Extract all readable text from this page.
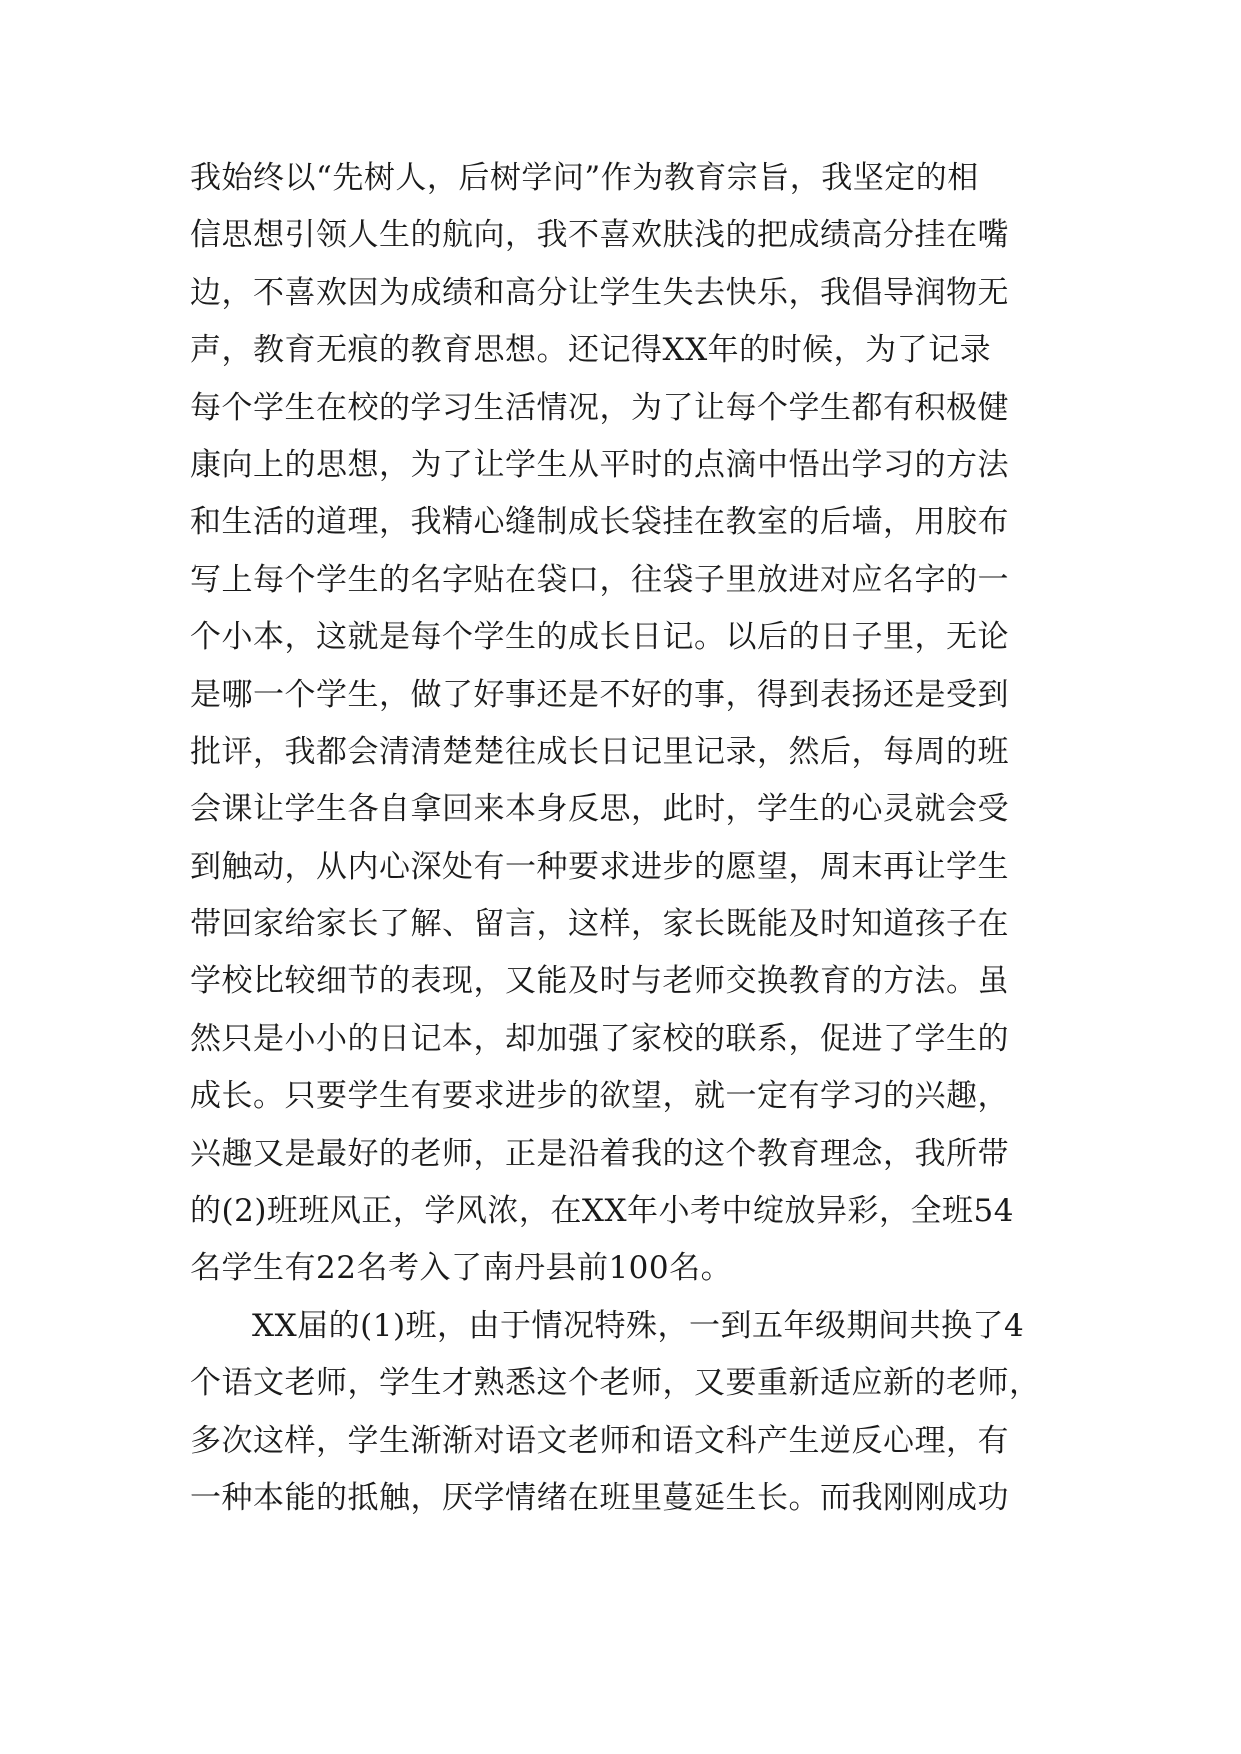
我始终以“先树人，后树学问”作为教育宗旨，我坚定的相
信思想引领人生的航向，我不喜欢肤浅的把成绩高分挂在嘴
边，不喜欢因为成绩和高分让学生失去快乐，我倡导润物无
声，教育无痕的教育思想。还记得XX年的时候，为了记录
每个学生在校的学习生活情况，为了让每个学生都有积极健
康向上的思想，为了让学生从平时的点滴中悟出学习的方法
和生活的道理，我精心缝制成长袋挂在教室的后墙，用胶布
写上每个学生的名字贴在袋口，往袋子里放进对应名字的一
个小本，这就是每个学生的成长日记。以后的日子里，无论
是哪一个学生，做了好事还是不好的事，得到表扬还是受到
批评，我都会清清楚楚往成长日记里记录，然后，每周的班
会课让学生各自拿回来本身反思，此时，学生的心灵就会受
到触动，从内心深处有一种要求进步的愿望，周末再让学生
带回家给家长了解、留言，这样，家长既能及时知道孩子在
学校比较细节的表现，又能及时与老师交换教育的方法。虽
然只是小小的日记本，却加强了家校的联系，促进了学生的
成长。只要学生有要求进步的欲望，就一定有学习的兴趣，
兴趣又是最好的老师，正是沿着我的这个教育理念，我所带
的(2)班班风正，学风浓，在XX年小考中绽放异彩，全班54
名学生有22名考入了南丹县前100名。
XX届的(1)班，由于情况特殊，一到五年级期间共换了4
个语文老师，学生才熟悉这个老师，又要重新适应新的老师，
多次这样，学生渐渐对语文老师和语文科产生逆反心理，有
一种本能的抵触，厌学情绪在班里蔓延生长。而我刚刚成功
